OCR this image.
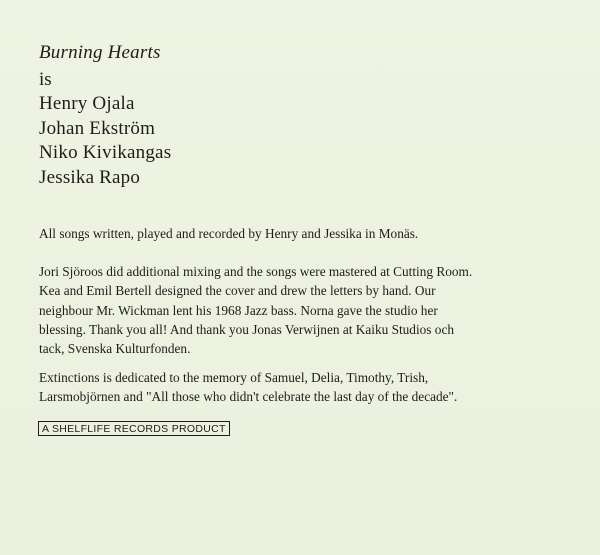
Burning Hearts
is
Henry Ojala
Johan Ekström
Niko Kivikangas
Jessika Rapo
All songs written, played and recorded by Henry and Jessika in Monäs.
Jori Sjöroos did additional mixing and the songs were mastered at Cutting Room.
Kea and Emil Bertell designed the cover and drew the letters by hand. Our
neighbour Mr. Wickman lent his 1968 Jazz bass. Norna gave the studio her
blessing. Thank you all! And thank you Jonas Verwijnen at Kaiku Studios och
tack, Svenska Kulturfonden.
Extinctions is dedicated to the memory of Samuel, Delia, Timothy, Trish,
Larsmobjörnen and "All those who didn't celebrate the last day of the decade".
A SHELFLIFE RECORDS PRODUCT
